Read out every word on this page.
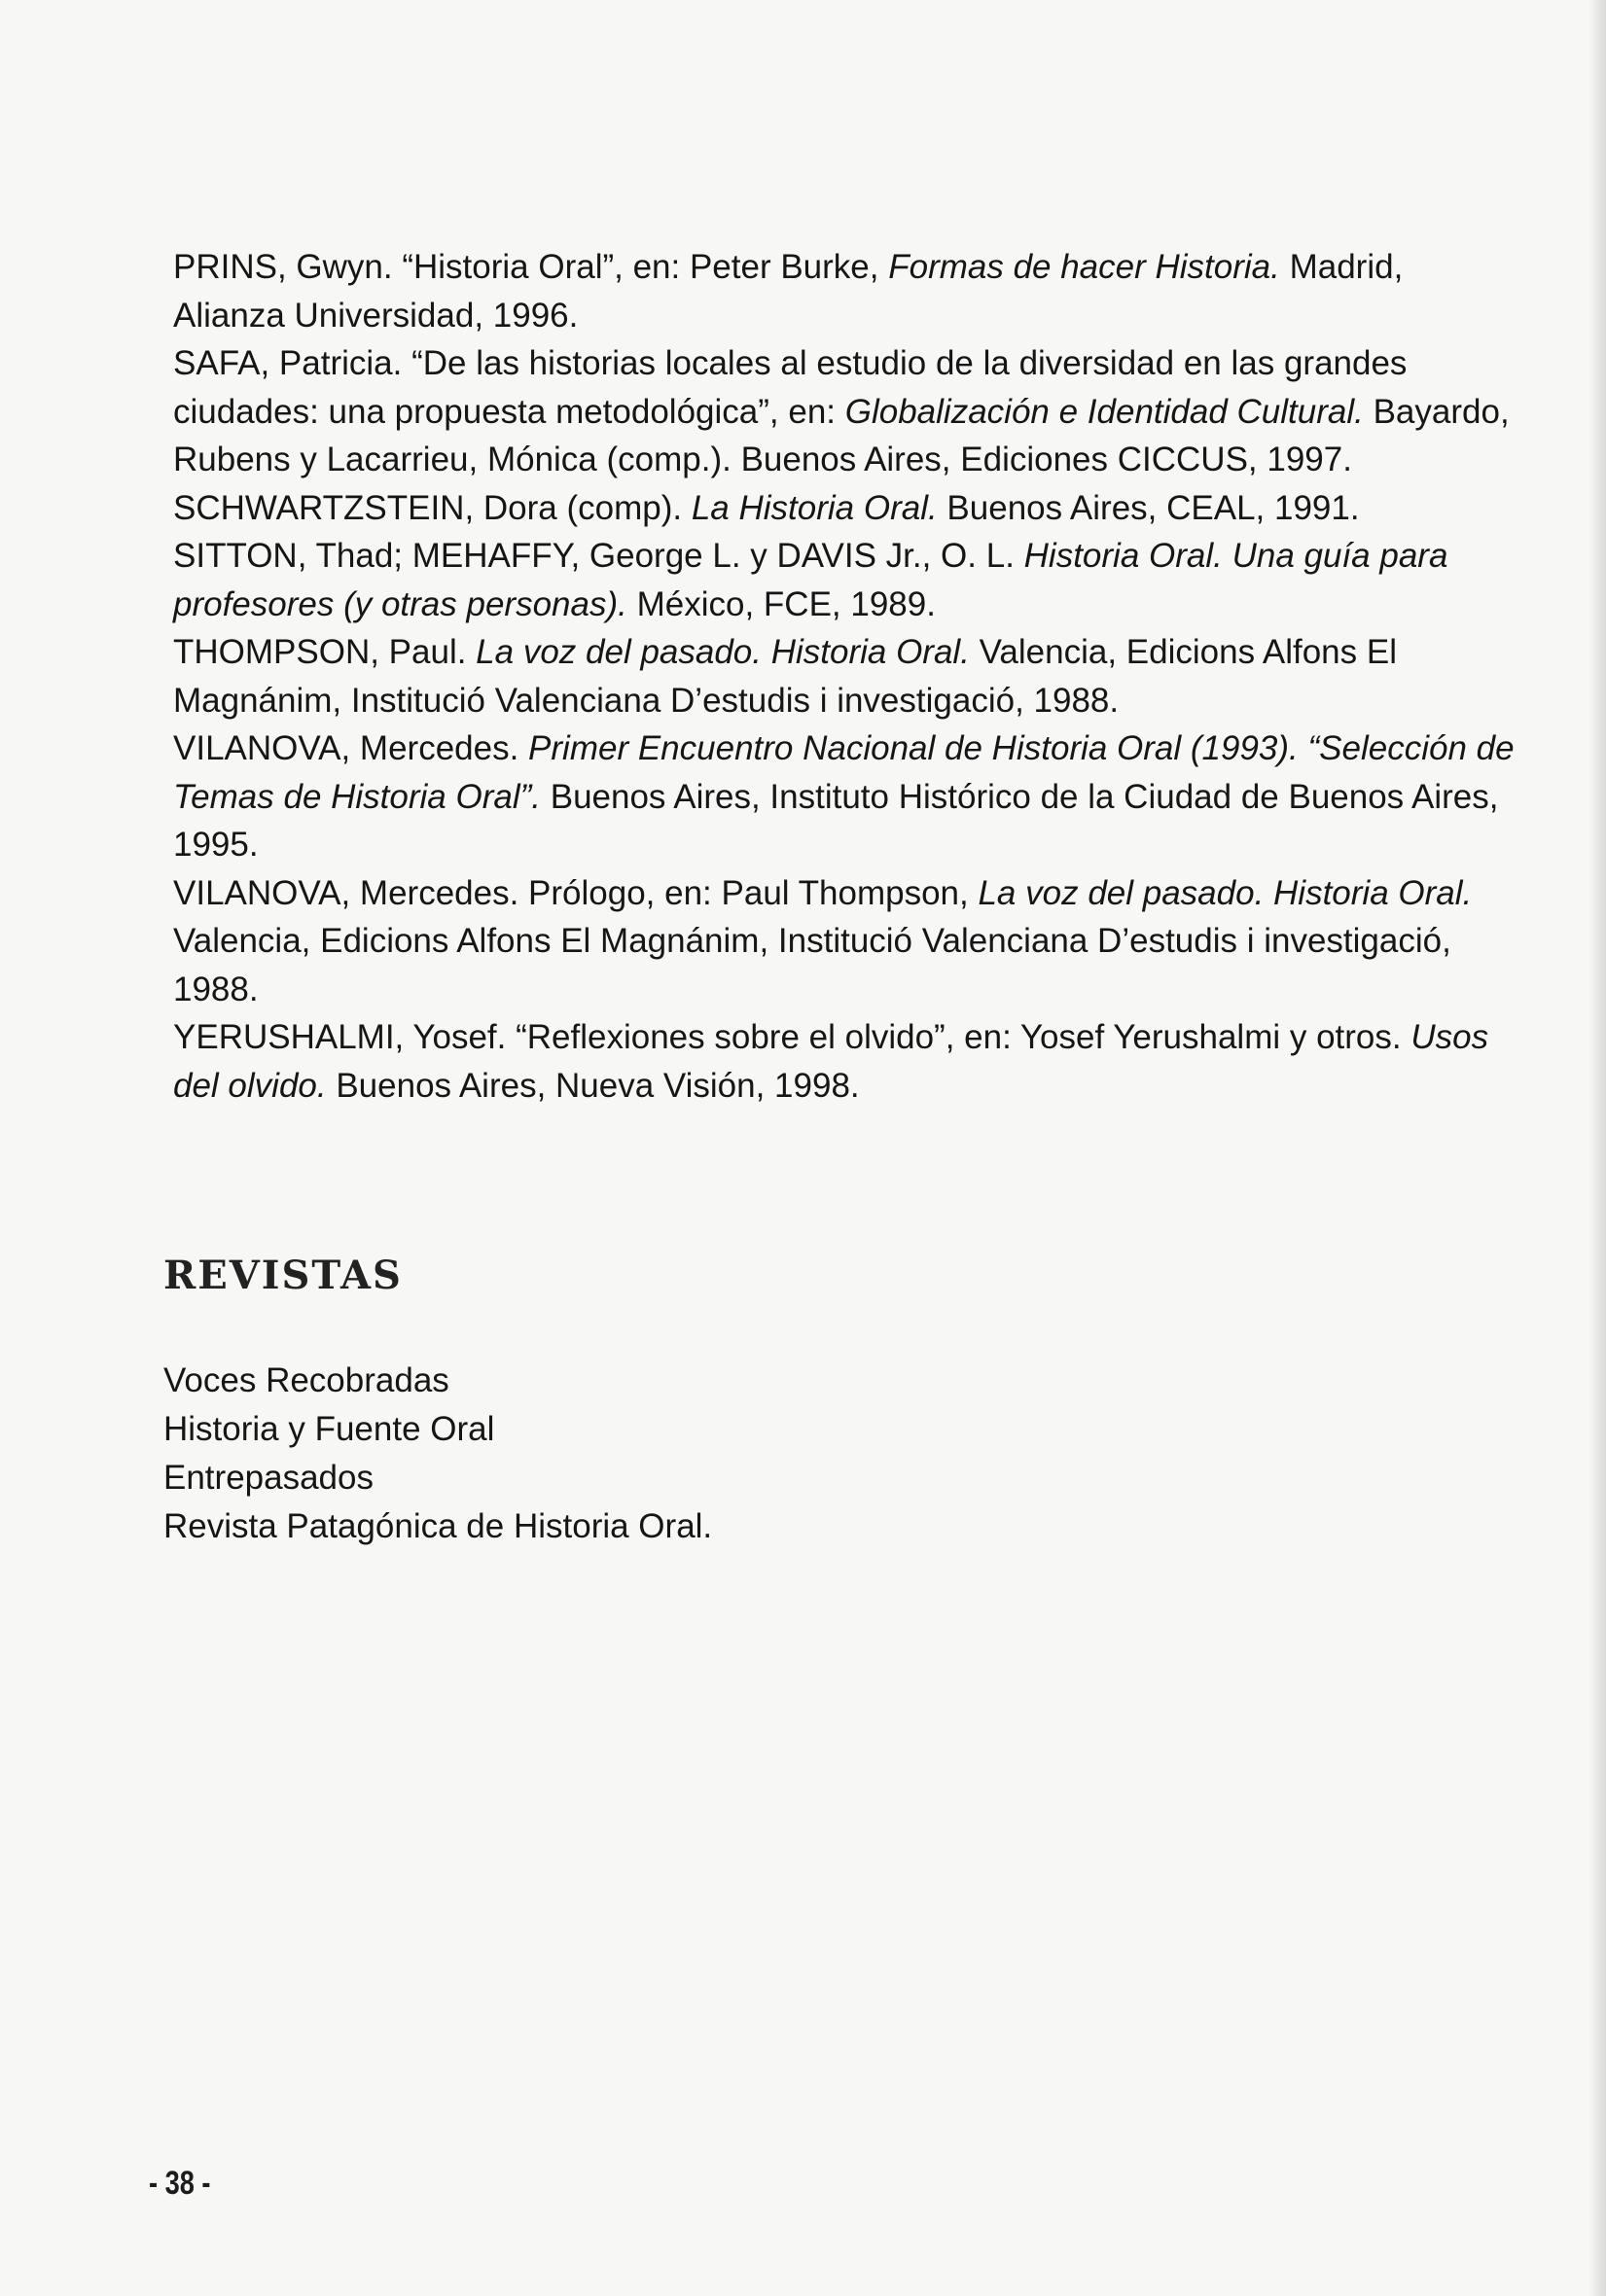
PRINS, Gwyn. “Historia Oral”, en: Peter Burke, Formas de hacer Historia. Madrid, Alianza Universidad, 1996.

SAFA, Patricia. “De las historias locales al estudio de la diversidad en las grandes ciudades: una propuesta metodológica”, en: Globalización e Identidad Cultural. Bayardo, Rubens y Lacarrieu, Mónica (comp.). Buenos Aires, Ediciones CICCUS, 1997.

SCHWARTZSTEIN, Dora (comp). La Historia Oral. Buenos Aires, CEAL, 1991.

SITTON, Thad; MEHAFFY, George L. y DAVIS Jr., O. L. Historia Oral. Una guía para profesores (y otras personas). México, FCE, 1989.

THOMPSON, Paul. La voz del pasado. Historia Oral. Valencia, Edicions Alfons El Magnánim, Institució Valenciana D’estudis i investigació, 1988.

VILANOVA, Mercedes. Primer Encuentro Nacional de Historia Oral (1993). “Selección de Temas de Historia Oral”. Buenos Aires, Instituto Histórico de la Ciudad de Buenos Aires, 1995.

VILANOVA, Mercedes. Prólogo, en: Paul Thompson, La voz del pasado. Historia Oral. Valencia, Edicions Alfons El Magnánim, Institució Valenciana D’estudis i investigació, 1988.

YERUSHALMI, Yosef. “Reflexiones sobre el olvido”, en: Yosef Yerushalmi y otros. Usos del olvido. Buenos Aires, Nueva Visión, 1998.

REVISTAS
Voces Recobradas
Historia y Fuente Oral
Entrepasados
Revista Patagónica de Historia Oral.
- 38 -
